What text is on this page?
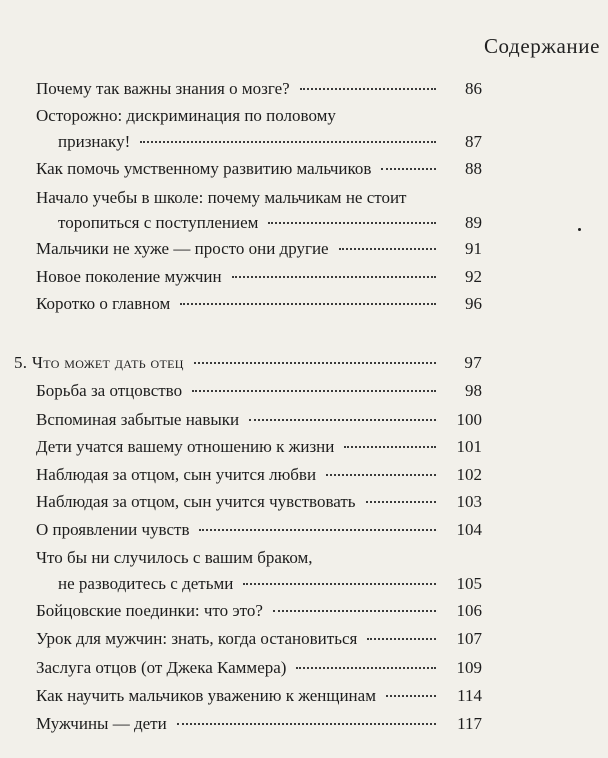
Содержание
Почему так важны знания о мозге?	86
Осторожно: дискриминация по половому
признаку!	87
Как помочь умственному развитию мальчиков	88
Начало учебы в школе: почему мальчикам не стоит
торопиться с поступлением	89
Мальчики не хуже — просто они другие	91
Новое поколение мужчин	92
Коротко о главном	96
5. Что может дать отец	97
Борьба за отцовство	98
Вспоминая забытые навыки	100
Дети учатся вашему отношению к жизни	101
Наблюдая за отцом, сын учится любви	102
Наблюдая за отцом, сын учится чувствовать	103
О проявлении чувств	104
Что бы ни случилось с вашим браком,
не разводитесь с детьми	105
Бойцовские поединки: что это?	106
Урок для мужчин: знать, когда остановиться	107
Заслуга отцов (от Джека Каммера)	109
Как научить мальчиков уважению к женщинам	114
Мужчины — дети	117
